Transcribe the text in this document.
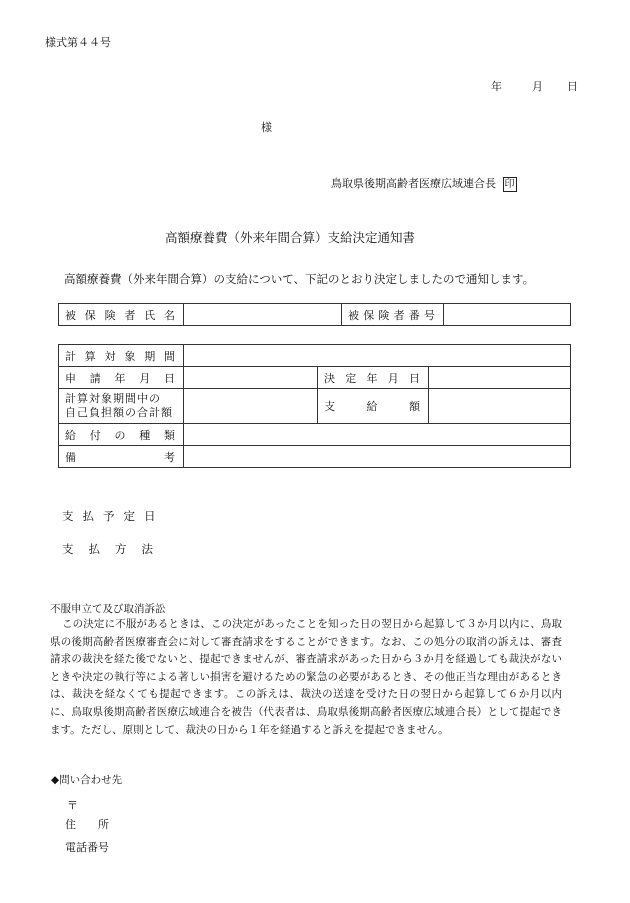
様式第４４号
年	月 日
様
鳥取県後期高齢者医療広域連合長 印
高額療養費（外来年間合算）支給決定通知書
高額療養費（外来年間合算）の支給について、下記のとおり決定しましたので通知します。
被保険者氏名		被保険者番号	
計算対象期間			
申請年月日		決定年月日	

計算対象期間中の
自己負担額の合計額		支給額	
給付の種類			
備考			
支払予定日
支払方法
不服申立て及び取消訴訟
この決定に不服があるときは、この決定があったことを知った日の翌日から起算して３か月以内に、鳥取県の後期高齢者医療審査会に対して審査請求をすることができます。なお、この処分の取消の訴えは、審査請求の裁決を経た後でないと、提起できませんが、審査請求があった日から３か月を経過しても裁決がないときや決定の執行等による著しい損害を避けるための緊急の必要があるとき、その他正当な理由があるときは、裁決を経なくても提起できます。この訴えは、裁決の送達を受けた日の翌日から起算して６か月以内に、鳥取県後期高齢者医療広域連合を被告（代表者は、鳥取県後期高齢者医療広域連合長）として提起できます。ただし、原則として、裁決の日から１年を経過すると訴えを提起できません。
◆問い合わせ先
〒
住 所
電話番号
